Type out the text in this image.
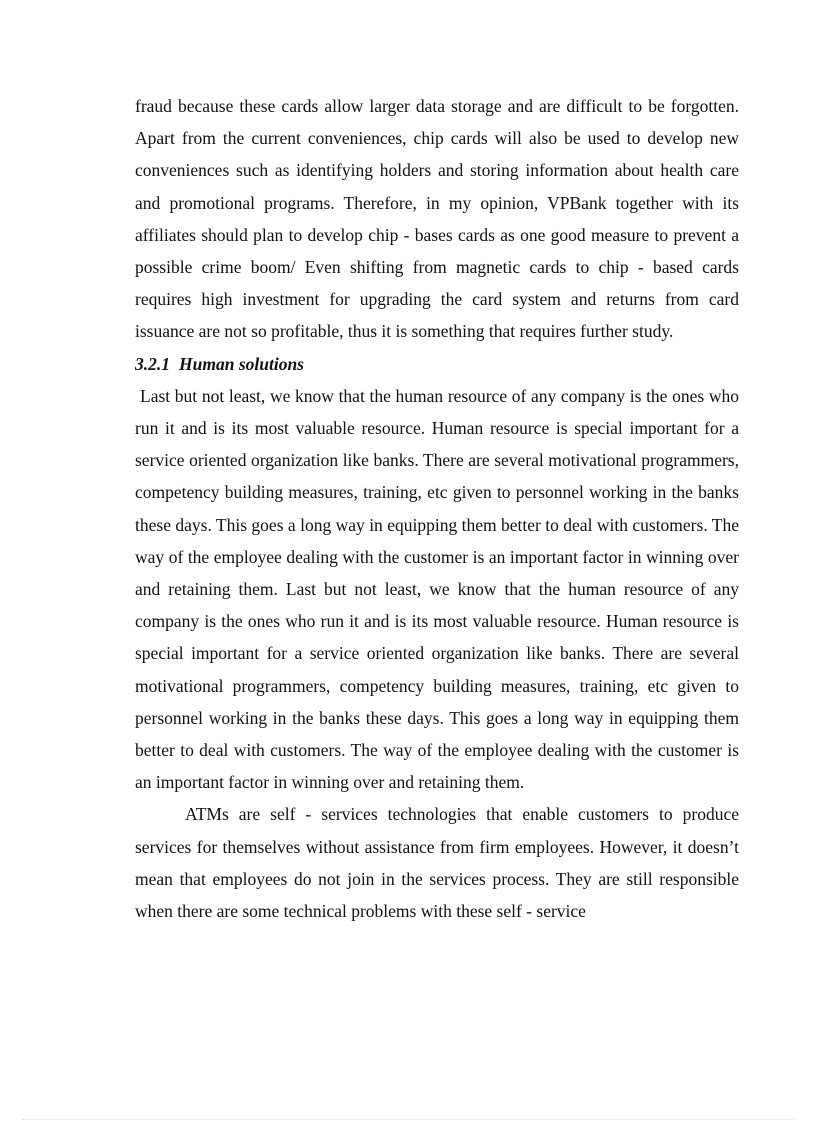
fraud because these cards allow larger data storage and are difficult to be forgotten. Apart from the current conveniences, chip cards will also be used to develop new conveniences such as identifying holders and storing information about health care and promotional programs. Therefore, in my opinion, VPBank together with its affiliates should plan to develop chip - bases cards as one good measure to prevent a possible crime boom/ Even shifting from magnetic cards to chip - based cards requires high investment for upgrading the card system and returns from card issuance are not so profitable, thus it is something that requires further study.

3.2.1 Human solutions

Last but not least, we know that the human resource of any company is the ones who run it and is its most valuable resource. Human resource is special important for a service oriented organization like banks. There are several motivational programmers, competency building measures, training, etc given to personnel working in the banks these days. This goes a long way in equipping them better to deal with customers. The way of the employee dealing with the customer is an important factor in winning over and retaining them. Last but not least, we know that the human resource of any company is the ones who run it and is its most valuable resource. Human resource is special important for a service oriented organization like banks. There are several motivational programmers, competency building measures, training, etc given to personnel working in the banks these days. This goes a long way in equipping them better to deal with customers. The way of the employee dealing with the customer is an important factor in winning over and retaining them.

ATMs are self - services technologies that enable customers to produce services for themselves without assistance from firm employees. However, it doesn’t mean that employees do not join in the services process. They are still responsible when there are some technical problems with these self - service
